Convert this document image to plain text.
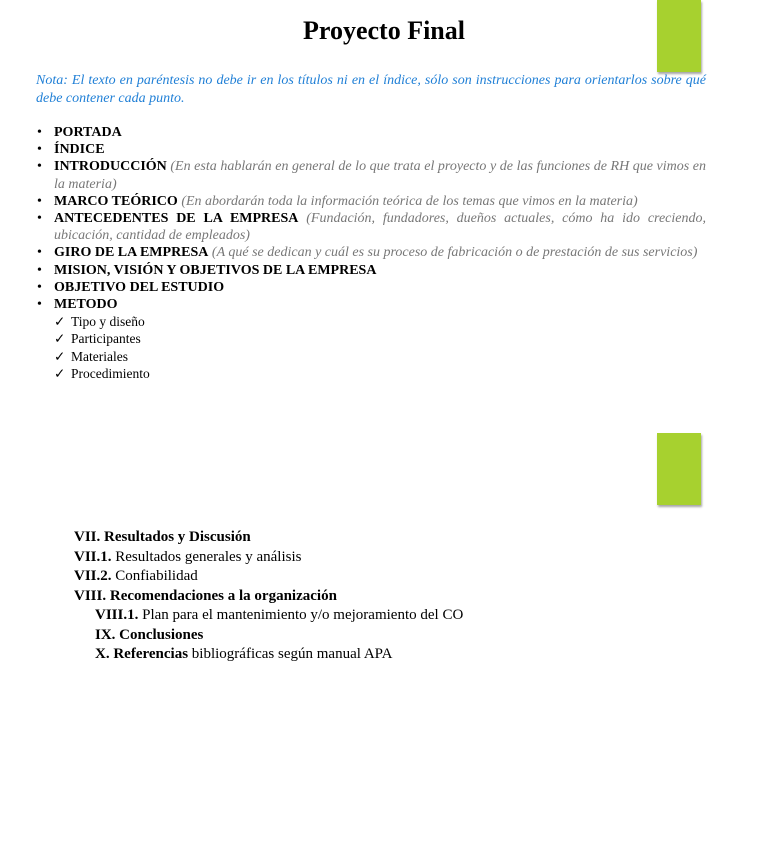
Proyecto Final
Nota: El texto en paréntesis no debe ir en los títulos ni en el índice, sólo son instrucciones para orientarlos sobre qué debe contener cada punto.
• PORTADA
• ÍNDICE
• INTRODUCCIÓN (En esta hablarán en general de lo que trata el proyecto y de las funciones de RH que vimos en la materia)
• MARCO TEÓRICO (En abordarán toda la información teórica de los temas que vimos en la materia)
• ANTECEDENTES DE LA EMPRESA (Fundación, fundadores, dueños actuales, cómo ha ido creciendo, ubicación, cantidad de empleados)
• GIRO DE LA EMPRESA (A qué se dedican y cuál es su proceso de fabricación o de prestación de sus servicios)
• MISION, VISIÓN Y OBJETIVOS DE LA EMPRESA
• OBJETIVO DEL ESTUDIO
• METODO
✓ Tipo y diseño
✓ Participantes
✓ Materiales
✓ Procedimiento
VII. Resultados y Discusión
VII.1. Resultados generales y análisis
VII.2. Confiabilidad
VIII. Recomendaciones a la organización
VIII.1. Plan para el mantenimiento y/o mejoramiento del CO
IX. Conclusiones
X. Referencias bibliográficas según manual APA
